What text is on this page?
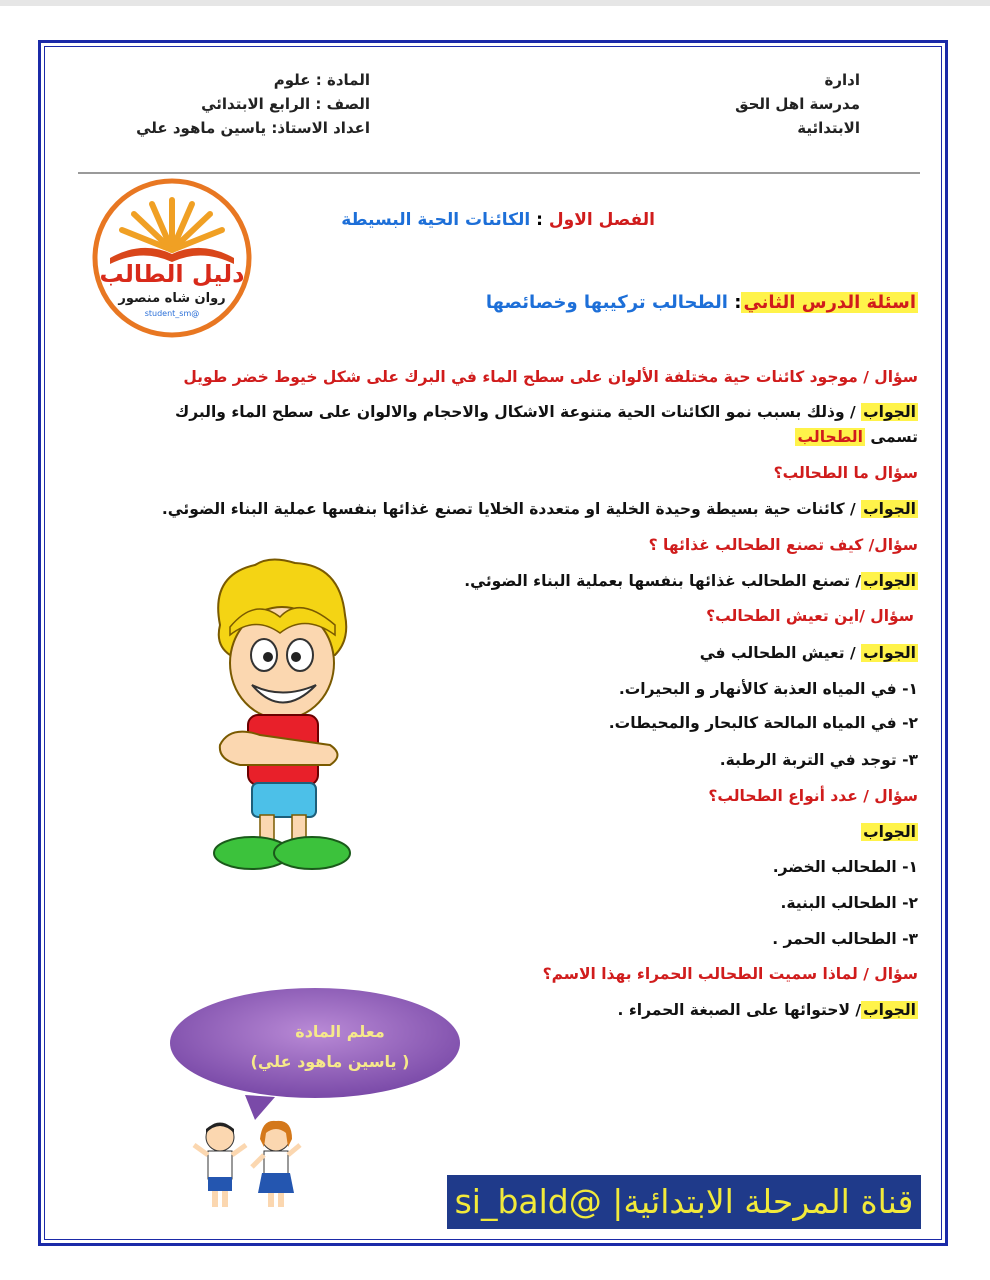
المادة : علوم
الصف : الرابع الابتدائي
اعداد الاستاذ: ياسين ماهود علي
ادارة
مدرسة اهل الحق
الابتدائية
دليل الطالب
روان شاه منصور
@student_sm
الفصل الاول : الكائنات الحية البسيطة
اسئلة الدرس الثاني: الطحالب تركيبها وخصائصها
سؤال / موجود كائنات حية مختلفة الألوان على سطح الماء في البرك على شكل خيوط خضر طويل
الجواب / وذلك بسبب نمو الكائنات الحية متنوعة الاشكال والاحجام والالوان على سطح الماء والبرك
تسمى الطحالب
سؤال ما الطحالب؟
الجواب / كائنات حية بسيطة وحيدة الخلية او متعددة الخلايا تصنع غذائها بنفسها عملية البناء الضوئي.
سؤال/ كيف تصنع الطحالب غذائها ؟
الجواب/ تصنع الطحالب غذائها بنفسها بعملية البناء الضوئي.
سؤال /اين تعيش الطحالب؟
الجواب / تعيش الطحالب في
١- في المياه العذبة كالأنهار و البحيرات.
٢- في المياه المالحة كالبحار والمحيطات.
٣- توجد في التربة الرطبة.
سؤال / عدد أنواع الطحالب؟
الجواب
١- الطحالب الخضر.
٢- الطحالب البنية.
٣- الطحالب الحمر .
سؤال / لماذا سميت الطحالب الحمراء بهذا الاسم؟
الجواب/ لاحتوائها على الصبغة الحمراء .
معلم المادة
( ياسين ماهود علي)
قناة المرحلة الابتدائية| @si_bald
